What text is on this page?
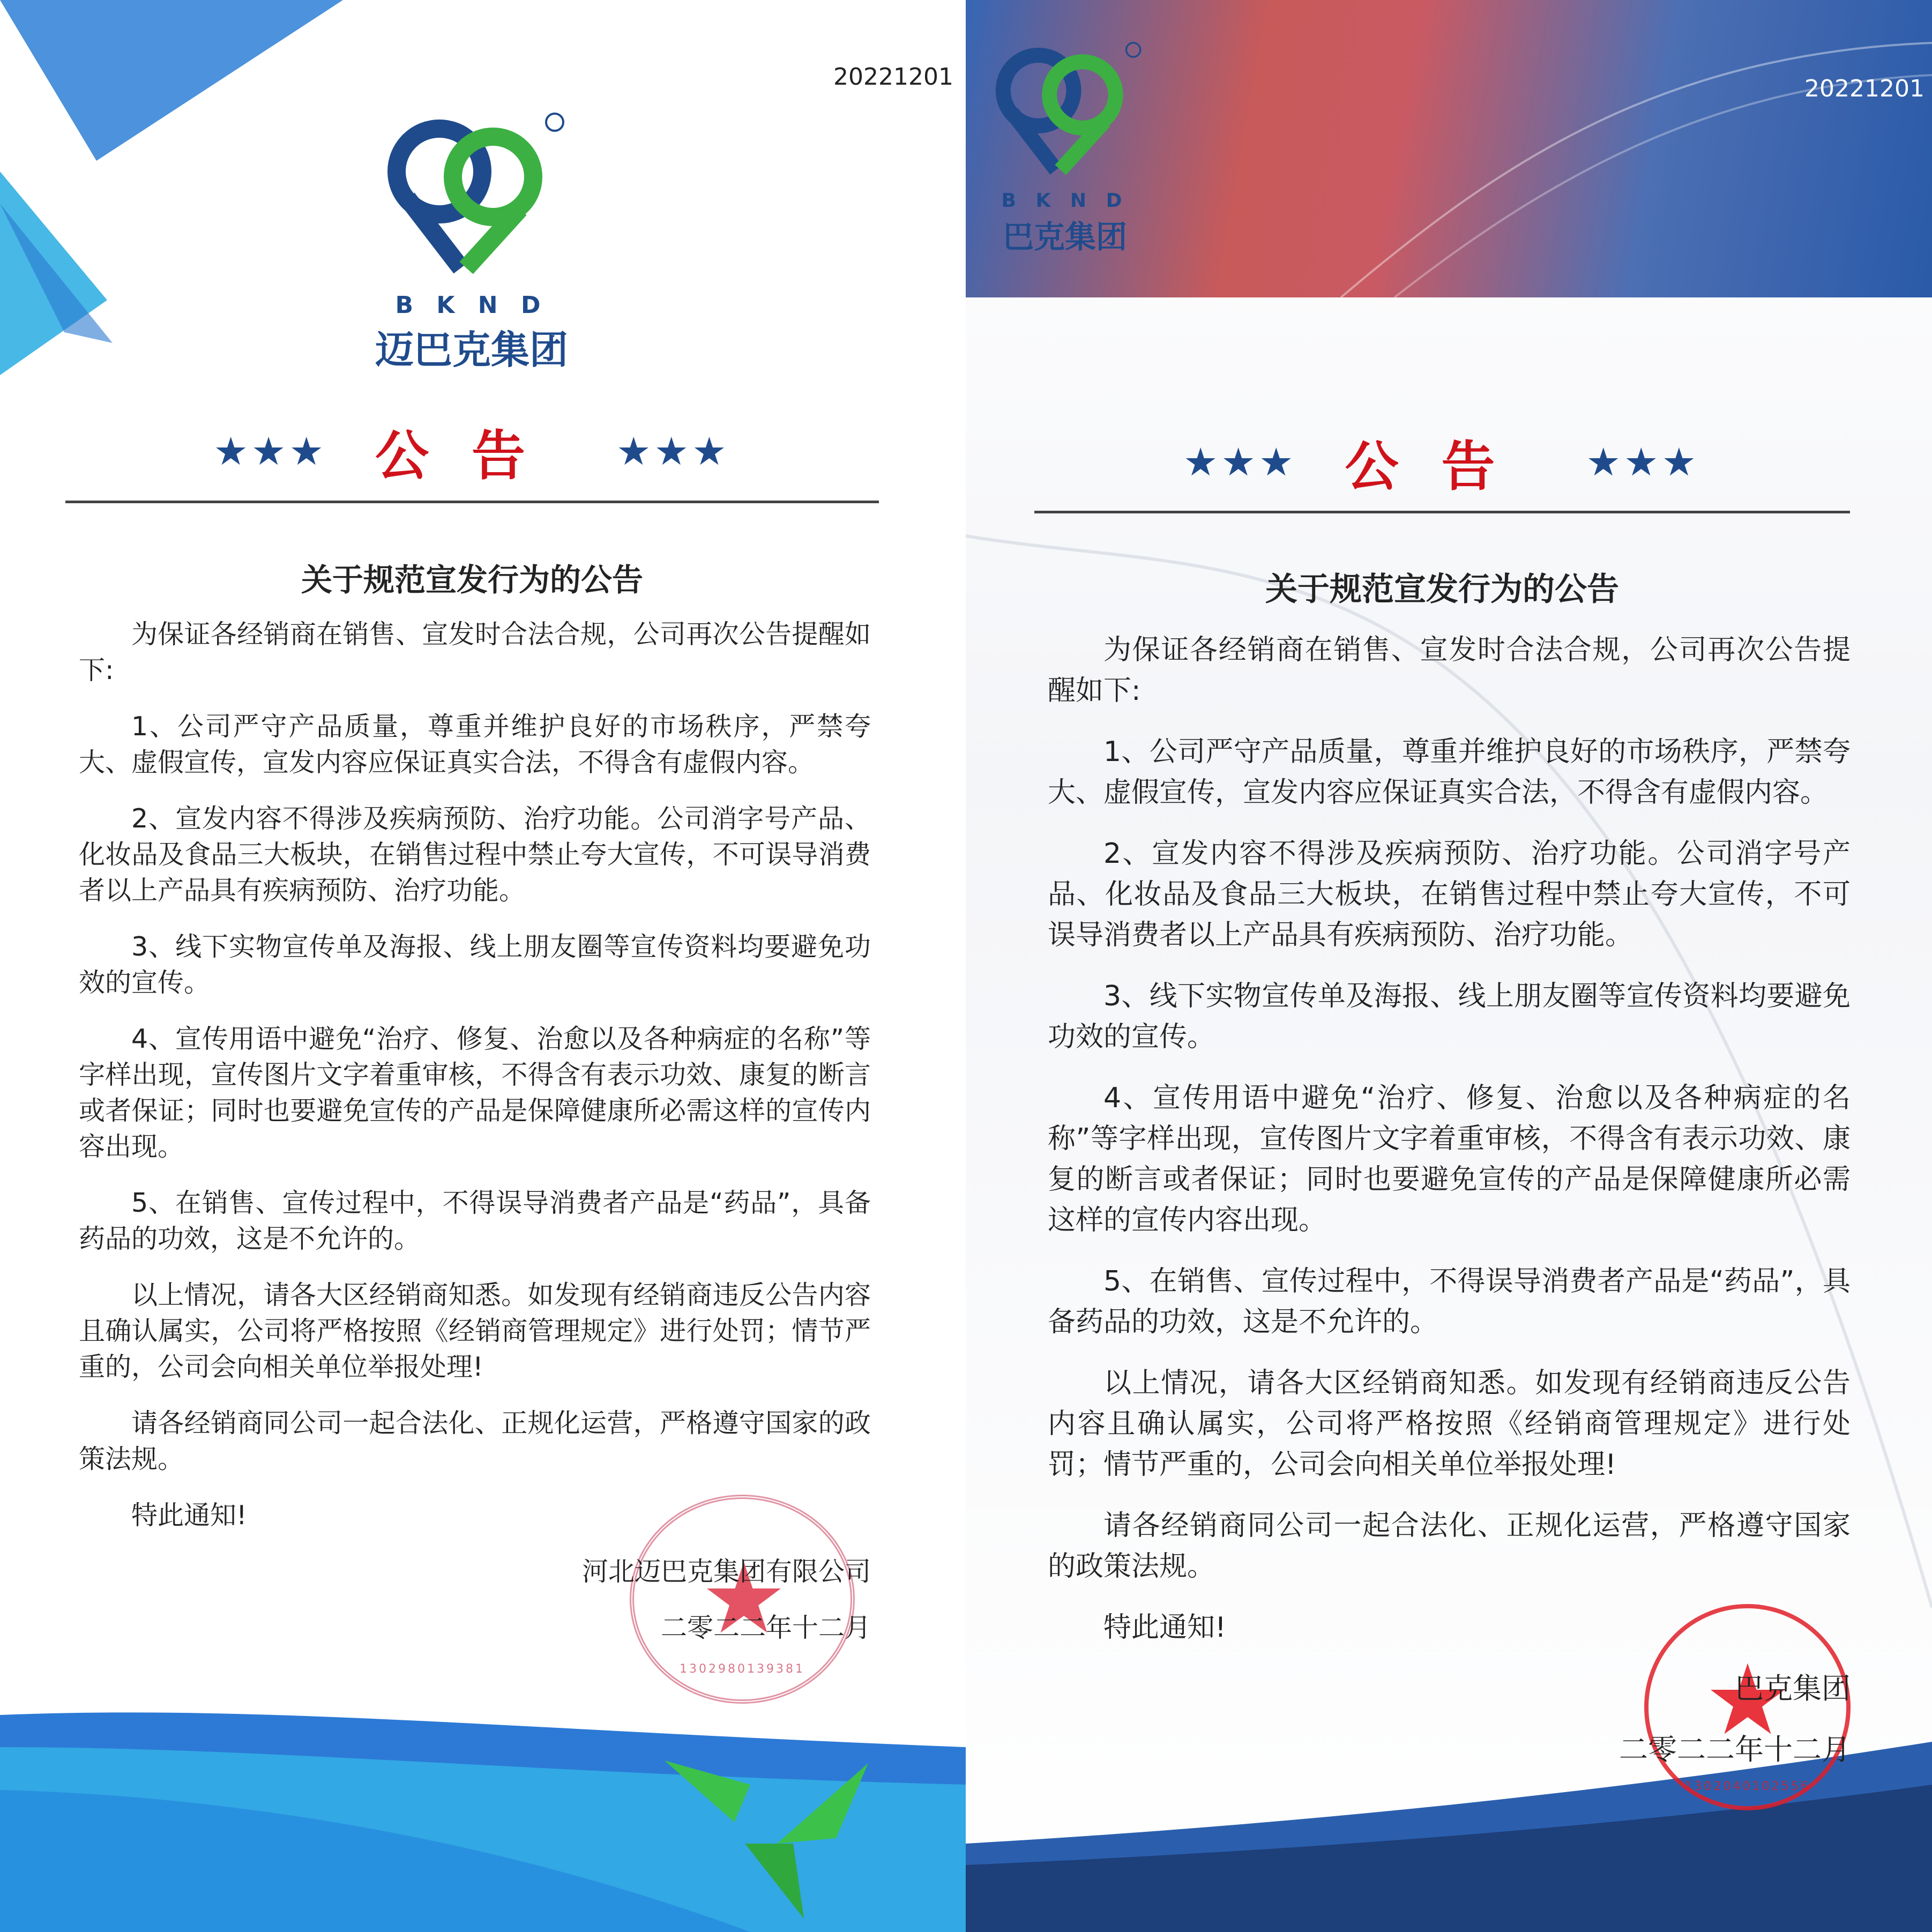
20221201
B K N D
迈巴克集团
★★★ 公告 ★★★
关于规范宣发行为的公告

为保证各经销商在销售、宣发时合法合规，公司再次公告提醒如下:

1、公司严守产品质量，尊重并维护良好的市场秩序，严禁夸大、虚假宣传，宣发内容应保证真实合法，不得含有虚假内容。

2、宣发内容不得涉及疾病预防、治疗功能。公司消字号产品、化妆品及食品三大板块，在销售过程中禁止夸大宣传，不可误导消费者以上产品具有疾病预防、治疗功能。

3、线下实物宣传单及海报、线上朋友圈等宣传资料均要避免功效的宣传。

4、宣传用语中避免“治疗、修复、治愈以及各种病症的名称”等字样出现，宣传图片文字着重审核，不得含有表示功效、康复的断言或者保证；同时也要避免宣传的产品是保障健康所必需这样的宣传内容出现。

5、在销售、宣传过程中，不得误导消费者产品是“药品”，具备药品的功效，这是不允许的。

以上情况，请各大区经销商知悉。如发现有经销商违反公告内容且确认属实，公司将严格按照《经销商管理规定》进行处罚；情节严重的，公司会向相关单位举报处理!

请各经销商同公司一起合法化、正规化运营，严格遵守国家的政策法规。

特此通知!

1302980139381
河北迈巴克集团有限公司
二零二二年十二月
20221201
B K N D
巴克集团
★★★ 公告 ★★★
关于规范宣发行为的公告

为保证各经销商在销售、宣发时合法合规，公司再次公告提醒如下:

1、公司严守产品质量，尊重并维护良好的市场秩序，严禁夸大、虚假宣传，宣发内容应保证真实合法，不得含有虚假内容。

2、宣发内容不得涉及疾病预防、治疗功能。公司消字号产品、化妆品及食品三大板块，在销售过程中禁止夸大宣传，不可误导消费者以上产品具有疾病预防、治疗功能。

3、线下实物宣传单及海报、线上朋友圈等宣传资料均要避免功效的宣传。

4、宣传用语中避免“治疗、修复、治愈以及各种病症的名称”等字样出现，宣传图片文字着重审核，不得含有表示功效、康复的断言或者保证；同时也要避免宣传的产品是保障健康所必需这样的宣传内容出现。

5、在销售、宣传过程中，不得误导消费者产品是“药品”，具备药品的功效，这是不允许的。

以上情况，请各大区经销商知悉。如发现有经销商违反公告内容且确认属实，公司将严格按照《经销商管理规定》进行处罚；情节严重的，公司会向相关单位举报处理!

请各经销商同公司一起合法化、正规化运营，严格遵守国家的政策法规。

特此通知!

1302040102556
巴克集团
二零二二年十二月
